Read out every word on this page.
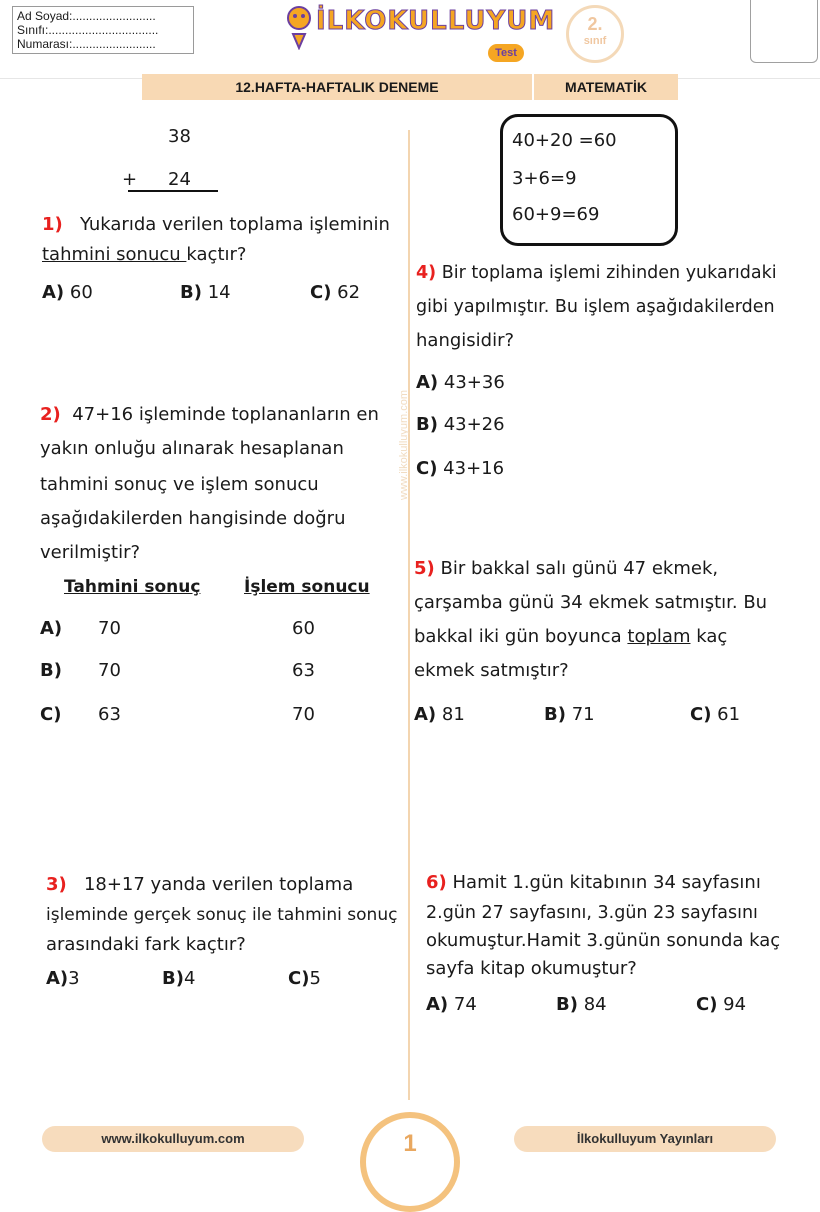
Ad Soyad:.........................
Sınıfı:.................................
Numarası:.........................
İLKOKULLUYUM
Test
2.
sınıf
12.HAFTA-HAFTALIK DENEME	MATEMATİK
www.ilkokulluyum.com
38
+ 24
1) Yukarıda verilen toplama işleminin
tahmini sonucu kaçtır?
A) 60	B) 14	C) 62
2) 47+16 işleminde toplananların en
yakın onluğu alınarak hesaplanan
tahmini sonuç ve işlem sonucu
aşağıdakilerden hangisinde doğru
verilmiştir?
Tahmini sonuç	İşlem sonucu
A) 70	60
B) 70	63
C) 63	70
3) 18+17 yanda verilen toplama
işleminde gerçek sonuç ile tahmini sonuç
arasındaki fark kaçtır?
A)3	B)4	C)5
40+20 =60
3+6=9
60+9=69
4) Bir toplama işlemi zihinden yukarıdaki
gibi yapılmıştır. Bu işlem aşağıdakilerden
hangisidir?
A) 43+36
B) 43+26
C) 43+16
5) Bir bakkal salı günü 47 ekmek,
çarşamba günü 34 ekmek satmıştır. Bu
bakkal iki gün boyunca toplam kaç
ekmek satmıştır?
A) 81	B) 71	C) 61
6) Hamit 1.gün kitabının 34 sayfasını
2.gün 27 sayfasını, 3.gün 23 sayfasını
okumuştur.Hamit 3.günün sonunda kaç
sayfa kitap okumuştur?
A) 74	B) 84	C) 94
www.ilkokulluyum.com	İlkokulluyum Yayınları
1
